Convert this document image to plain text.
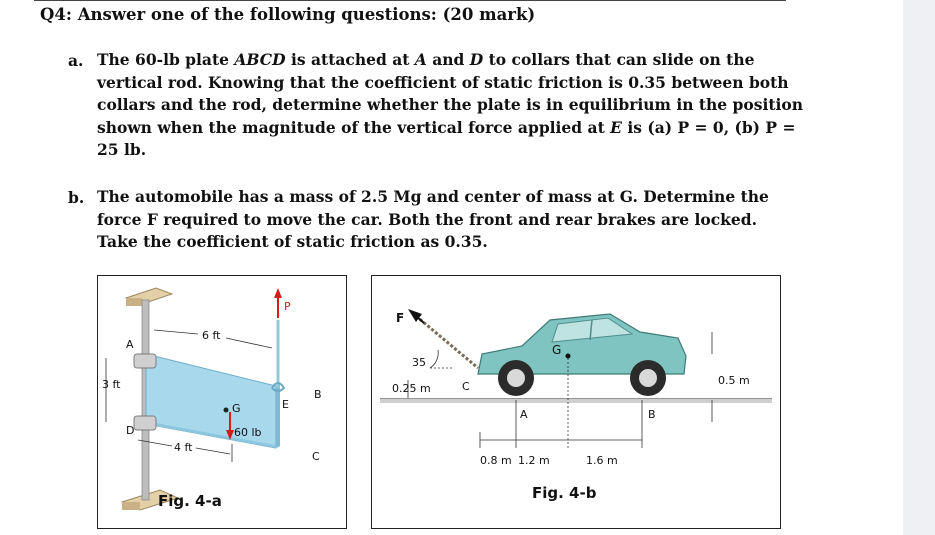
Q4: Answer one of the following questions: (20 mark)
a. The 60-lb plate ABCD is attached at A and D to collars that can slide on the
vertical rod. Knowing that the coefficient of static friction is 0.35 between both
collars and the rod, determine whether the plate is in equilibrium in the position
shown when the magnitude of the vertical force applied at E is (a) P = 0, (b) P =
25 lb.
b. The automobile has a mass of 2.5 Mg and center of mass at G. Determine the
force F required to move the car. Both the front and rear brakes are locked.
Take the coefficient of static friction as 0.35.
6 ft
3 ft
4 ft
60 lb
P
G
A
B
C
D
E
Fig. 4-a
F
35
0.25 m
0.5 m
G
A	B
C
0.8 m 1.2 m	1.6 m
Fig. 4-b
